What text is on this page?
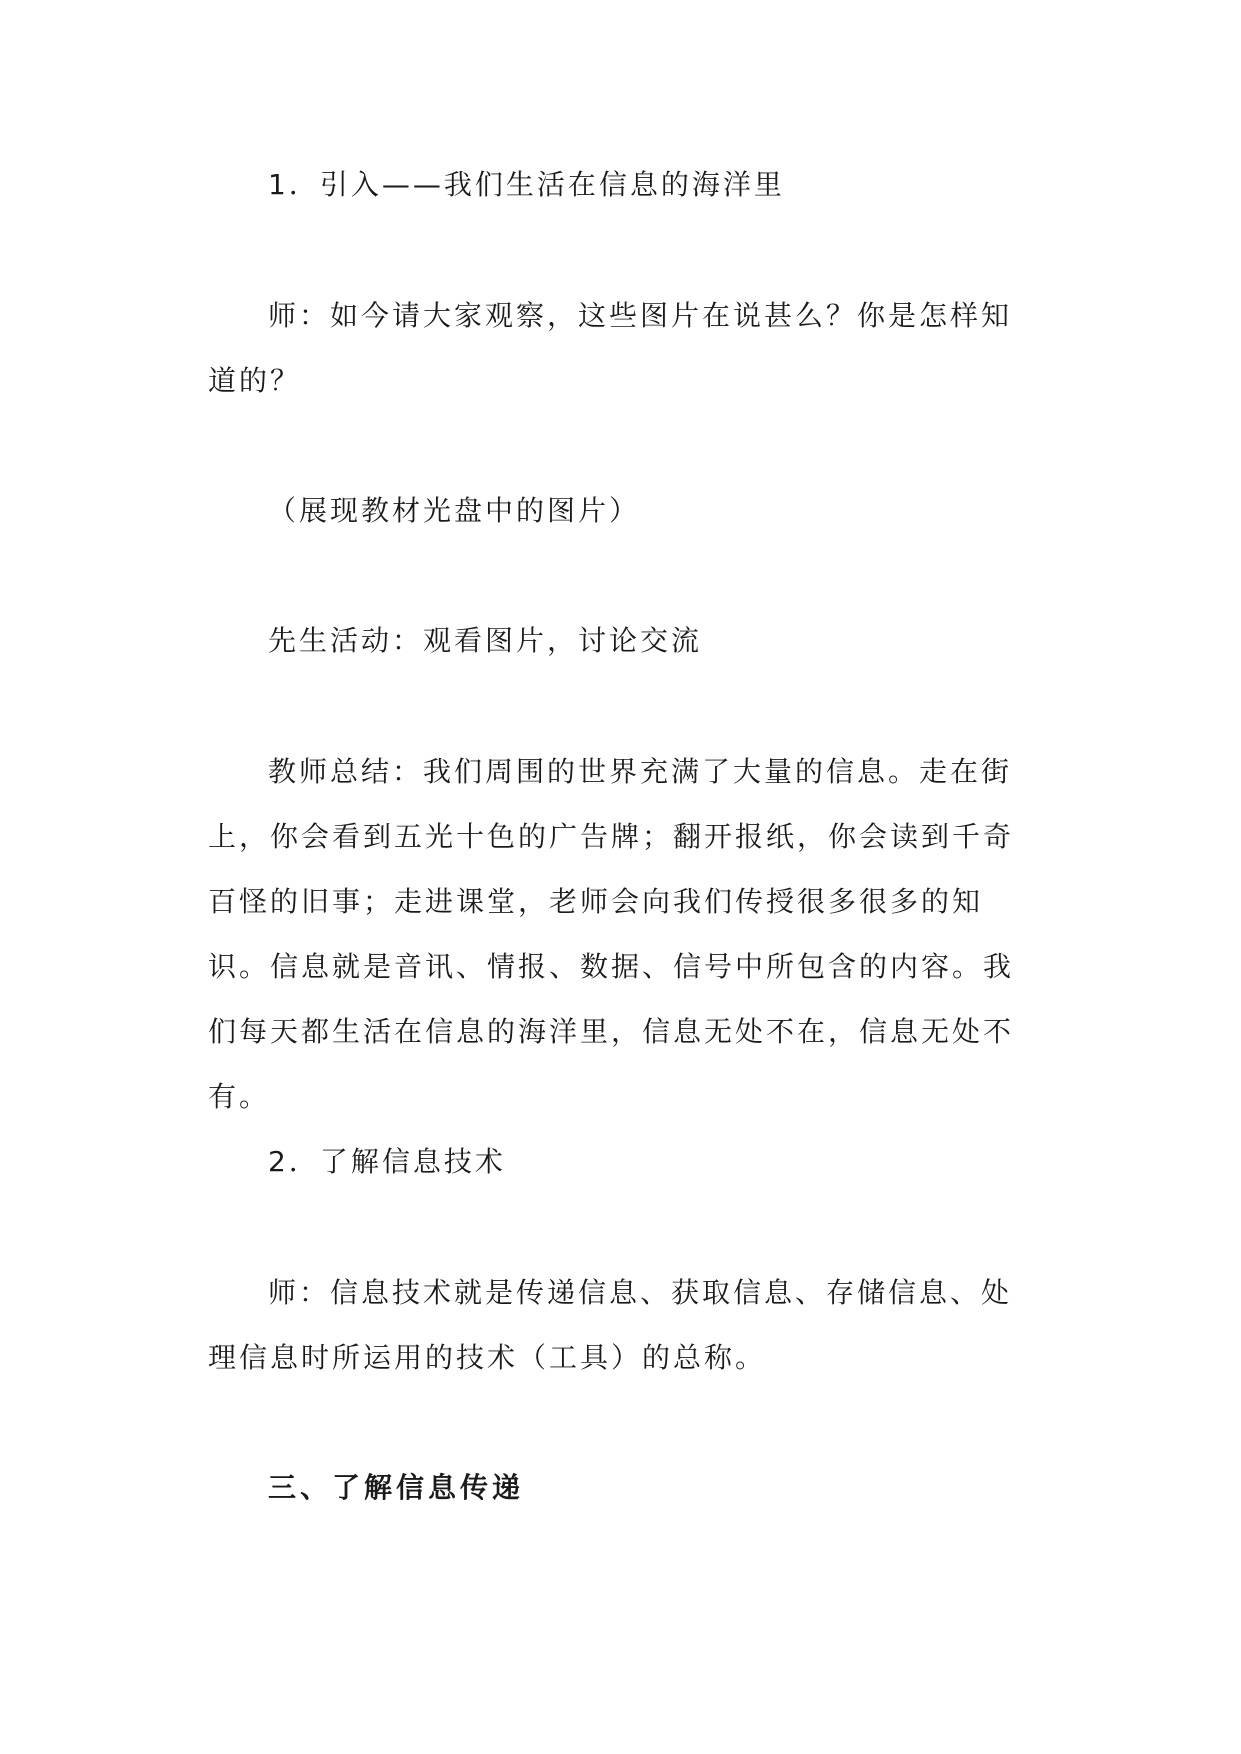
1．引入——我们生活在信息的海洋里

师：如今请大家观察，这些图片在说甚么？你是怎样知道的？

（展现教材光盘中的图片）

先生活动：观看图片，讨论交流

教师总结：我们周围的世界充满了大量的信息。走在街上，你会看到五光十色的广告牌；翻开报纸，你会读到千奇百怪的旧事；走进课堂，老师会向我们传授很多很多的知识。信息就是音讯、情报、数据、信号中所包含的内容。我们每天都生活在信息的海洋里，信息无处不在，信息无处不有。

2．了解信息技术

师：信息技术就是传递信息、获取信息、存储信息、处理信息时所运用的技术（工具）的总称。

三、了解信息传递
